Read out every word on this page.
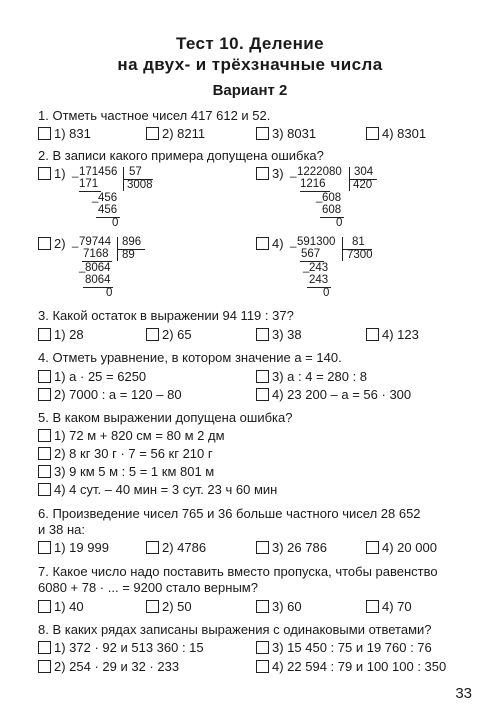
Тест 10. Деление
на двух- и трёхзначные числа
Вариант 2
1. Отметь частное чисел 417 612 и 52.
1) 831	2) 8211	3) 8031	4) 8301
2. В записи какого примера допущена ошибка?
1) _ 171456 57
171	3008
_ 456
456
0
3) _ 1222080 304
1216 420
_ 608
608
0
2) _ 79744 896
7168 89
_ 8064
8064
0
4) _ 591300 81
567 7300
_ 243
243
0
3. Какой остаток в выражении 94 119 : 37?
1) 28	2) 65	3) 38	4) 123
4. Отметь уравнение, в котором значение a = 140.
1) a · 25 = 6250	3) a : 4 = 280 : 8
2) 7000 : a = 120 – 80	4) 23 200 – a = 56 · 300
5. В каком выражении допущена ошибка?
1) 72 м + 820 см = 80 м 2 дм
2) 8 кг 30 г · 7 = 56 кг 210 г
3) 9 км 5 м : 5 = 1 км 801 м
4) 4 сут. – 40 мин = 3 сут. 23 ч 60 мин
6. Произведение чисел 765 и 36 больше частного чисел 28 652
и 38 на:
1) 19 999	2) 4786	3) 26 786	4) 20 000
7. Какое число надо поставить вместо пропуска, чтобы равенство
6080 + 78 · ... = 9200 стало верным?
1) 40	2) 50	3) 60	4) 70
8. В каких рядах записаны выражения с одинаковыми ответами?
1) 372 · 92 и 513 360 : 15	3) 15 450 : 75 и 19 760 : 76
2) 254 · 29 и 32 · 233	4) 22 594 : 79 и 100 100 : 350
33
